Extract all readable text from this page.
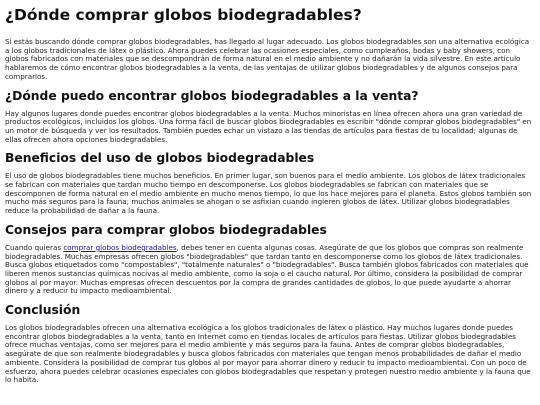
¿Dónde comprar globos biodegradables?

Si estás buscando dónde comprar globos biodegradables, has llegado al lugar adecuado. Los globos biodegradables son una alternativa ecológica a los globos tradicionales de látex o plástico. Ahora puedes celebrar las ocasiones especiales, como cumpleaños, bodas y baby showers, con globos fabricados con materiales que se descompondrán de forma natural en el medio ambiente y no dañarán la vida silvestre. En este artículo hablaremos de cómo encontrar globos biodegradables a la venta, de las ventajas de utilizar globos biodegradables y de algunos consejos para comprarlos.

¿Dónde puedo encontrar globos biodegradables a la venta?

Hay algunos lugares donde puedes encontrar globos biodegradables a la venta. Muchos minoristas en línea ofrecen ahora una gran variedad de productos ecológicos, incluidos los globos. Una forma fácil de buscar globos biodegradables es escribir "dónde comprar globos biodegradables" en un motor de búsqueda y ver los resultados. También puedes echar un vistazo a las tiendas de artículos para fiestas de tu localidad; algunas de ellas ofrecen ahora opciones biodegradables.

Beneficios del uso de globos biodegradables

El uso de globos biodegradables tiene muchos beneficios. En primer lugar, son buenos para el medio ambiente. Los globos de látex tradicionales se fabrican con materiales que tardan mucho tiempo en descomponerse. Los globos biodegradables se fabrican con materiales que se descomponen de forma natural en el medio ambiente en mucho menos tiempo, lo que los hace mejores para el planeta. Estos globos también son mucho más seguros para la fauna; muchos animales se ahogan o se asfixian cuando ingieren globos de látex. Utilizar globos biodegradables reduce la probabilidad de dañar a la fauna.

Consejos para comprar globos biodegradables

Cuando quieras comprar globos biodegradables, debes tener en cuenta algunas cosas. Asegúrate de que los globos que compras son realmente biodegradables. Muchas empresas ofrecen globos "biodegradables" que tardan tanto en descomponerse como los globos de látex tradicionales. Busca globos etiquetados como "compostables", "totalmente naturales" o "biodegradables". Busca también globos fabricados con materiales que liberen menos sustancias químicas nocivas al medio ambiente, como la soja o el caucho natural. Por último, considera la posibilidad de comprar globos al por mayor. Muchas empresas ofrecen descuentos por la compra de grandes cantidades de globos, lo que puede ayudarte a ahorrar dinero y a reducir tu impacto medioambiental.

Conclusión

Los globos biodegradables ofrecen una alternativa ecológica a los globos tradicionales de látex o plástico. Hay muchos lugares donde puedes encontrar globos biodegradables a la venta, tanto en Internet como en tiendas locales de artículos para fiestas. Utilizar globos biodegradables ofrece muchas ventajas, como ser mejores para el medio ambiente y más seguros para la fauna. Antes de comprar globos biodegradables, asegúrate de que son realmente biodegradables y busca globos fabricados con materiales que tengan menos probabilidades de dañar el medio ambiente. Considera la posibilidad de comprar tus globos al por mayor para ahorrar dinero y reducir tu impacto medioambiental. Con un poco de esfuerzo, ahora puedes celebrar ocasiones especiales con globos biodegradables que respetan y protegen nuestro medio ambiente y la fauna que lo habita.
